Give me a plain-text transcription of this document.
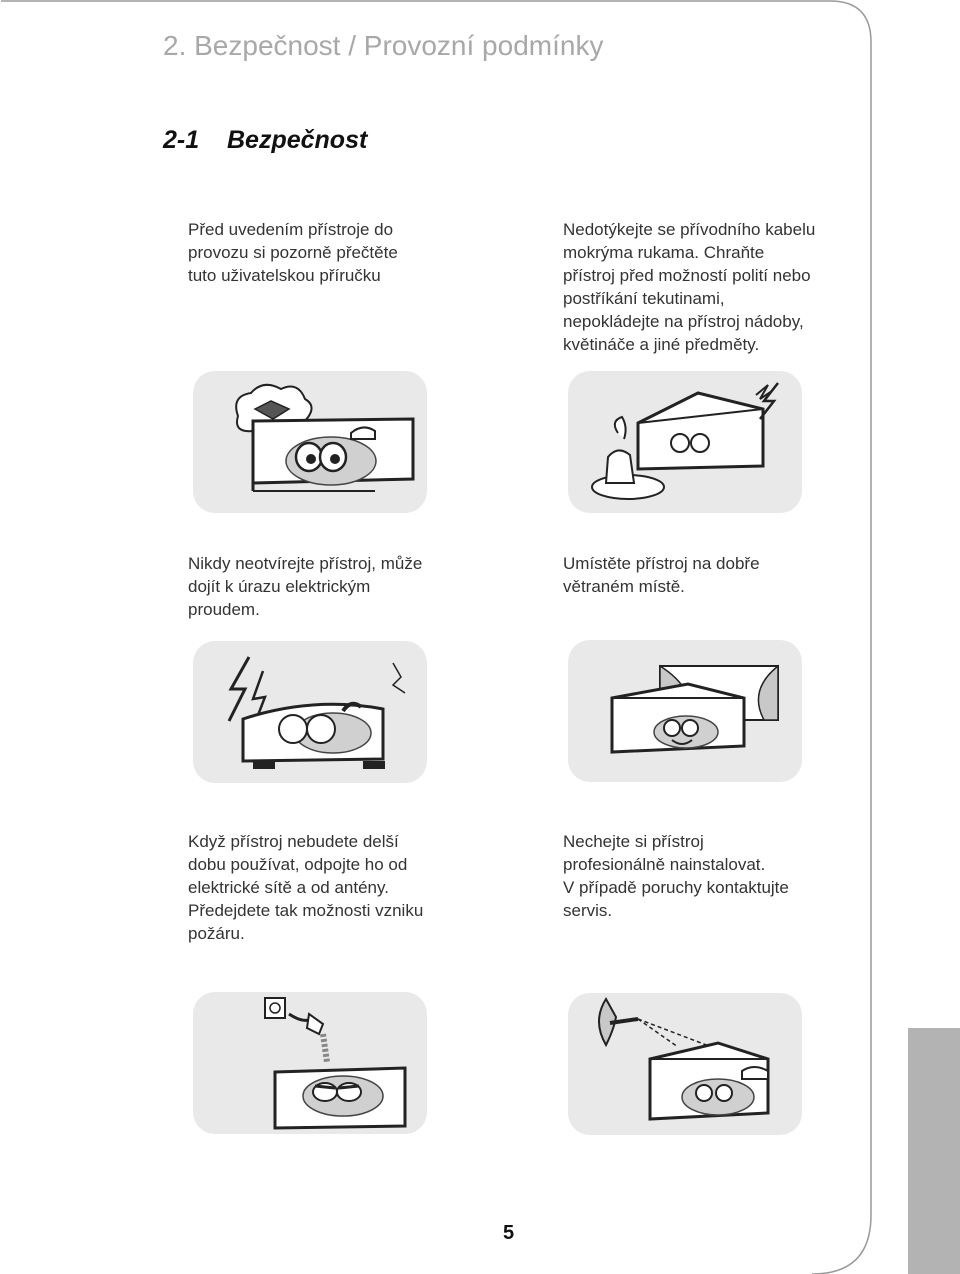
2. Bezpečnost / Provozní podmínky
2-1 Bezpečnost
Před uvedením přístroje do
provozu si pozorně přečtěte
tuto uživatelskou příručku
Nedotýkejte se přívodního kabelu
mokrýma rukama. Chraňte
přístroj před možností polití nebo
postříkání tekutinami,
nepokládejte na přístroj nádoby,
květináče a jiné předměty.
Nikdy neotvírejte přístroj, může
dojít k úrazu elektrickým
proudem.
Umístěte přístroj na dobře
větraném místě.
Když přístroj nebudete delší
dobu používat, odpojte ho od
elektrické sítě a od antény.
Předejdete tak možnosti vzniku
požáru.
Nechejte si přístroj
profesionálně nainstalovat.
V případě poruchy kontaktujte
servis.
5
